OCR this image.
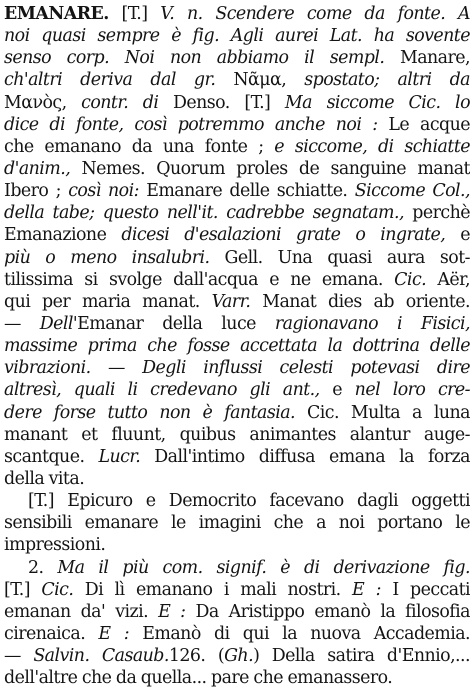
EMANARE. [T.] V. n. Scendere come da fonte. A
noi quasi sempre è fig. Agli aurei Lat. ha sovente
senso corp. Noi non abbiamo il sempl. Manare,
ch'altri deriva dal gr. Νᾶμα, spostato; altri da
Μανὸς, contr. di Denso. [T.] Ma siccome Cic. lo
dice di fonte, così potremmo anche noi : Le acque
che emanano da una fonte ; e siccome, di schiatte
d'anim., Nemes. Quorum proles de sanguine manat
Ibero ; così noi: Emanare delle schiatte. Siccome Col.,
della tabe; questo nell'it. cadrebbe segnatam., perchè
Emanazione dicesi d'esalazioni grate o ingrate, e
più o meno insalubri. Gell. Una quasi aura sot-
tilissima si svolge dall'acqua e ne emana. Cic. Aër,
qui per maria manat. Varr. Manat dies ab oriente.
— Dell'Emanar della luce ragionavano i Fisici,
massime prima che fosse accettata la dottrina delle
vibrazioni. — Degli influssi celesti potevasi dire
altresì, quali li credevano gli ant., e nel loro cre-
dere forse tutto non è fantasia. Cic. Multa a luna
manant et fluunt, quibus animantes alantur auge-
scantque. Lucr. Dall'intimo diffusa emana la forza
della vita.
[T.] Epicuro e Democrito facevano dagli oggetti
sensibili emanare le imagini che a noi portano le
impressioni.
2. Ma il più com. signif. è di derivazione fig.
[T.] Cic. Di lì emanano i mali nostri. E : I peccati
emanan da' vizi. E : Da Aristippo emanò la filosofia
cirenaica. E : Emanò di qui la nuova Accademia.
— Salvin. Casaub.126. (Gh.) Della satira d'Ennio,...
dell'altre che da quella... pare che emanassero.
